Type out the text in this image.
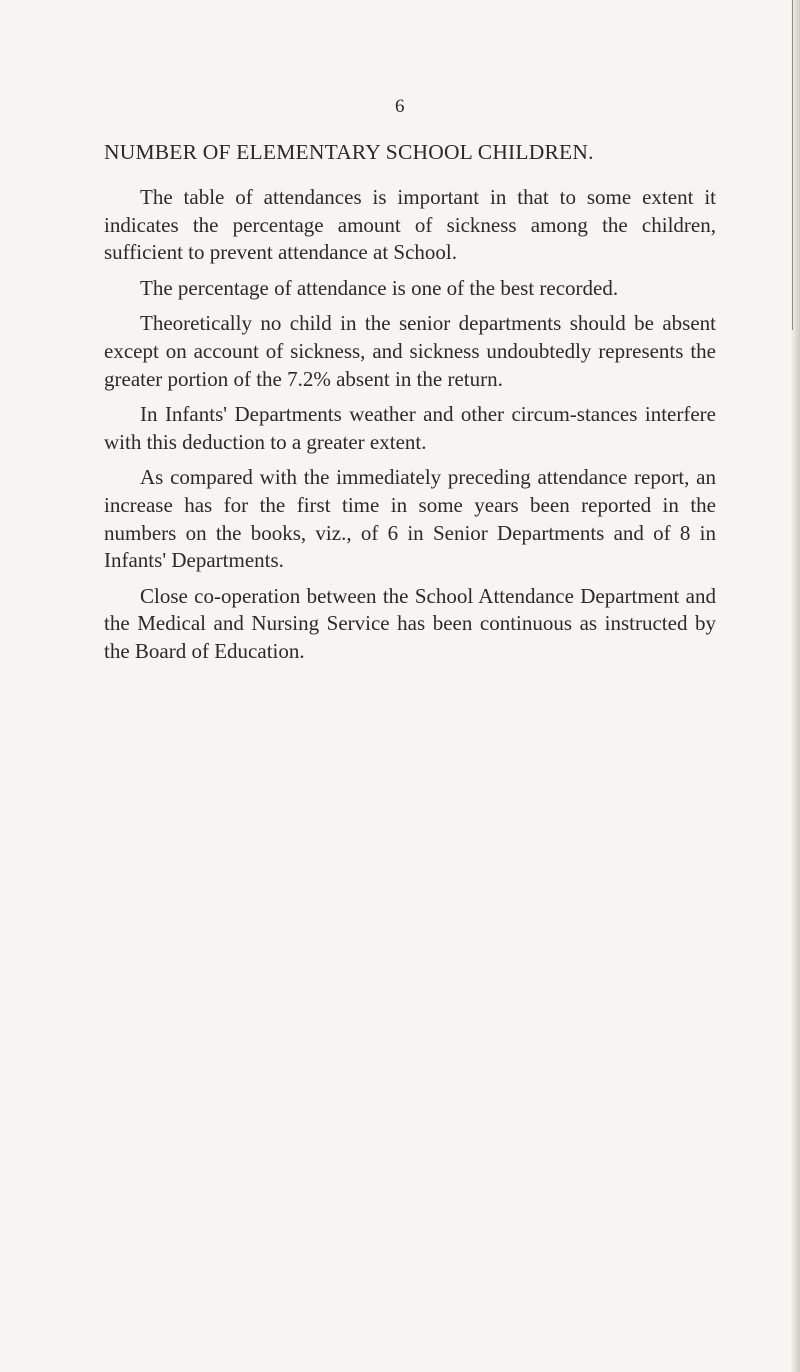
6
NUMBER OF ELEMENTARY SCHOOL CHILDREN.

The table of attendances is important in that to some extent it indicates the percentage amount of sickness among the children, sufficient to prevent attendance at School.

The percentage of attendance is one of the best recorded.

Theoretically no child in the senior departments should be absent except on account of sickness, and sickness undoubtedly represents the greater portion of the 7.2% absent in the return.

In Infants' Departments weather and other circum-stances interfere with this deduction to a greater extent.

As compared with the immediately preceding attendance report, an increase has for the first time in some years been reported in the numbers on the books, viz., of 6 in Senior Departments and of 8 in Infants' Departments.

Close co-operation between the School Attendance Department and the Medical and Nursing Service has been continuous as instructed by the Board of Education.
